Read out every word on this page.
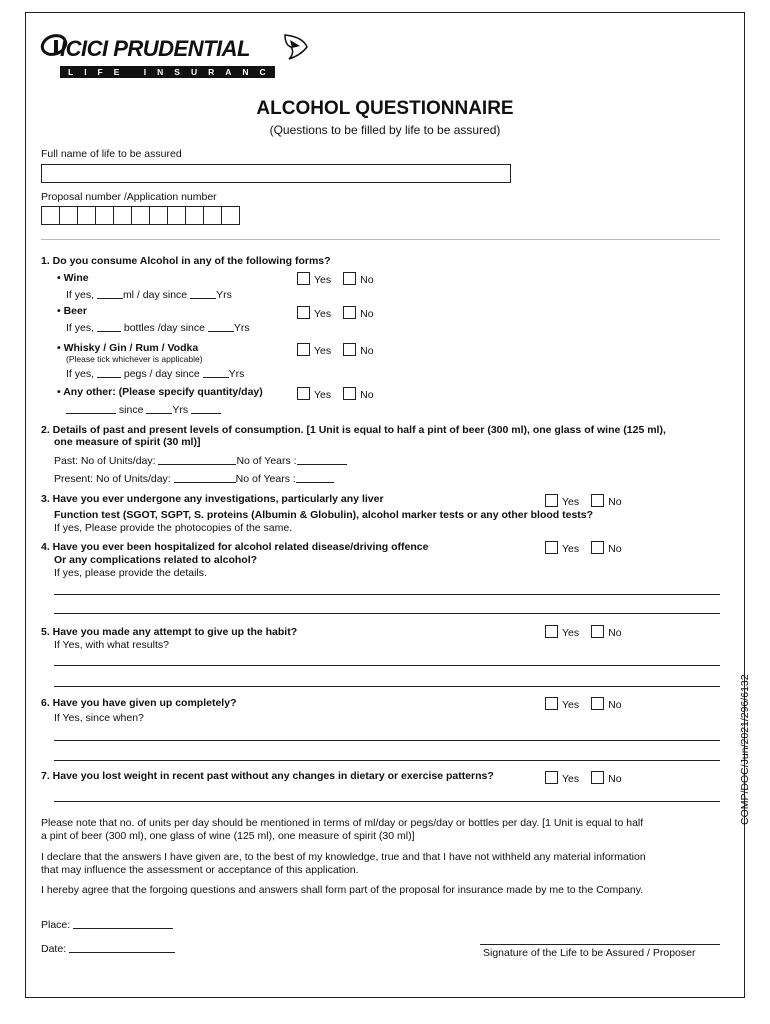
ICICI PRUDENTIAL
LIFE INSURANCE
ALCOHOL QUESTIONNAIRE
(Questions to be filled by life to be assured)
Full name of life to be assured
Proposal number /Application number
1. Do you consume Alcohol in any of the following forms?
• Wine	Yes	No
If yes,	ml / day since	Yrs
• Beer	Yes	No
If yes,	bottles /day since	Yrs
• Whisky / Gin / Rum / Vodka
(Please tick whichever is applicable)
Yes	No
If yes,	pegs / day since	Yrs
• Any other: (Please specify quantity/day)	Yes	No
since	Yrs
2. Details of past and present levels of consumption. [1 Unit is equal to half a pint of beer (300 ml), one glass of wine (125 ml),
one measure of spirit (30 ml)]
Past: No of Units/day:	No of Years :
Present: No of Units/day:	No of Years :
3. Have you ever undergone any investigations, particularly any liver	Yes	No
Function test (SGOT, SGPT, S. proteins (Albumin & Globulin), alcohol marker tests or any other blood tests?
If yes, Please provide the photocopies of the same.
4. Have you ever been hospitalized for alcohol related disease/driving offence	Yes	No
Or any complications related to alcohol?
If yes, please provide the details.
5. Have you made any attempt to give up the habit?	Yes	No
If Yes, with what results?
6. Have you have given up completely?	Yes	No
If Yes, since when?
7. Have you lost weight in recent past without any changes in dietary or exercise patterns?	Yes	No
Please note that no. of units per day should be mentioned in terms of ml/day or pegs/day or bottles per day. [1 Unit is equal to half
a pint of beer (300 ml), one glass of wine (125 ml), one measure of spirit (30 ml)]
I declare that the answers I have given are, to the best of my knowledge, true and that I have not withheld any material information
that may influence the assessment or acceptance of this application.
I hereby agree that the forgoing questions and answers shall form part of the proposal for insurance made by me to the Company.
Place:
Date:	Signature of the Life to be Assured / Proposer
COMP/DOC/Jun/2021/296/6132
